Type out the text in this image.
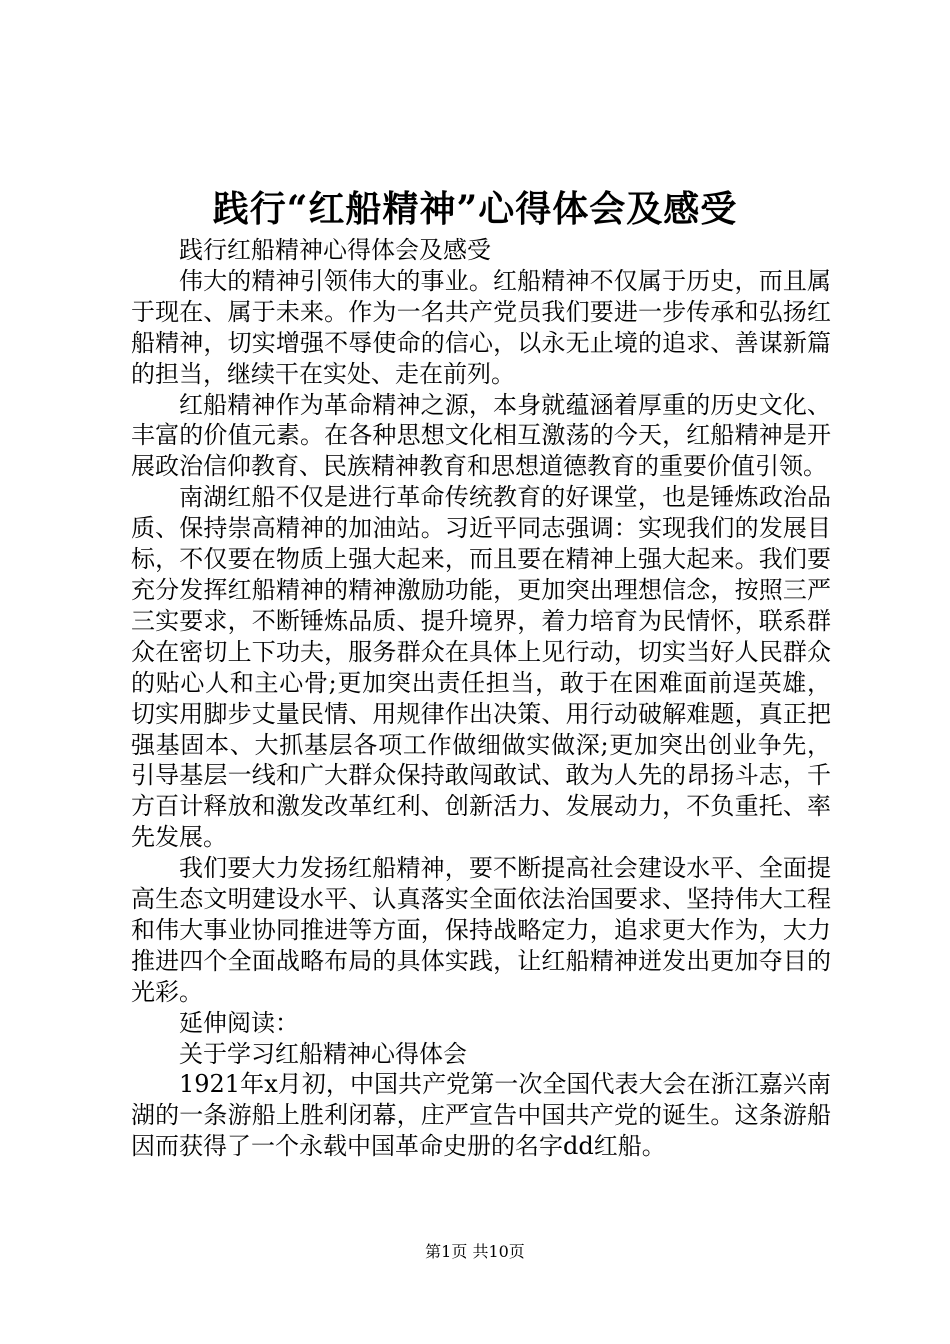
践行“红船精神”心得体会及感受

践行红船精神心得体会及感受

伟大的精神引领伟大的事业。红船精神不仅属于历史，而且属于现在、属于未来。作为一名共产党员我们要进一步传承和弘扬红船精神，切实增强不辱使命的信心，以永无止境的追求、善谋新篇的担当，继续干在实处、走在前列。

红船精神作为革命精神之源，本身就蕴涵着厚重的历史文化、丰富的价值元素。在各种思想文化相互激荡的今天，红船精神是开展政治信仰教育、民族精神教育和思想道德教育的重要价值引领。

南湖红船不仅是进行革命传统教育的好课堂，也是锤炼政治品质、保持崇高精神的加油站。习近平同志强调：实现我们的发展目标，不仅要在物质上强大起来，而且要在精神上强大起来。我们要充分发挥红船精神的精神激励功能，更加突出理想信念，按照三严三实要求，不断锤炼品质、提升境界，着力培育为民情怀，联系群众在密切上下功夫，服务群众在具体上见行动，切实当好人民群众的贴心人和主心骨;更加突出责任担当，敢于在困难面前逞英雄，切实用脚步丈量民情、用规律作出决策、用行动破解难题，真正把强基固本、大抓基层各项工作做细做实做深;更加突出创业争先，引导基层一线和广大群众保持敢闯敢试、敢为人先的昂扬斗志，千方百计释放和激发改革红利、创新活力、发展动力，不负重托、率先发展。

我们要大力发扬红船精神，要不断提高社会建设水平、全面提高生态文明建设水平、认真落实全面依法治国要求、坚持伟大工程和伟大事业协同推进等方面，保持战略定力，追求更大作为，大力推进四个全面战略布局的具体实践，让红船精神迸发出更加夺目的光彩。

延伸阅读：

关于学习红船精神心得体会

1921年x月初，中国共产党第一次全国代表大会在浙江嘉兴南湖的一条游船上胜利闭幕，庄严宣告中国共产党的诞生。这条游船因而获得了一个永载中国革命史册的名字dd红船。

第1页 共10页
